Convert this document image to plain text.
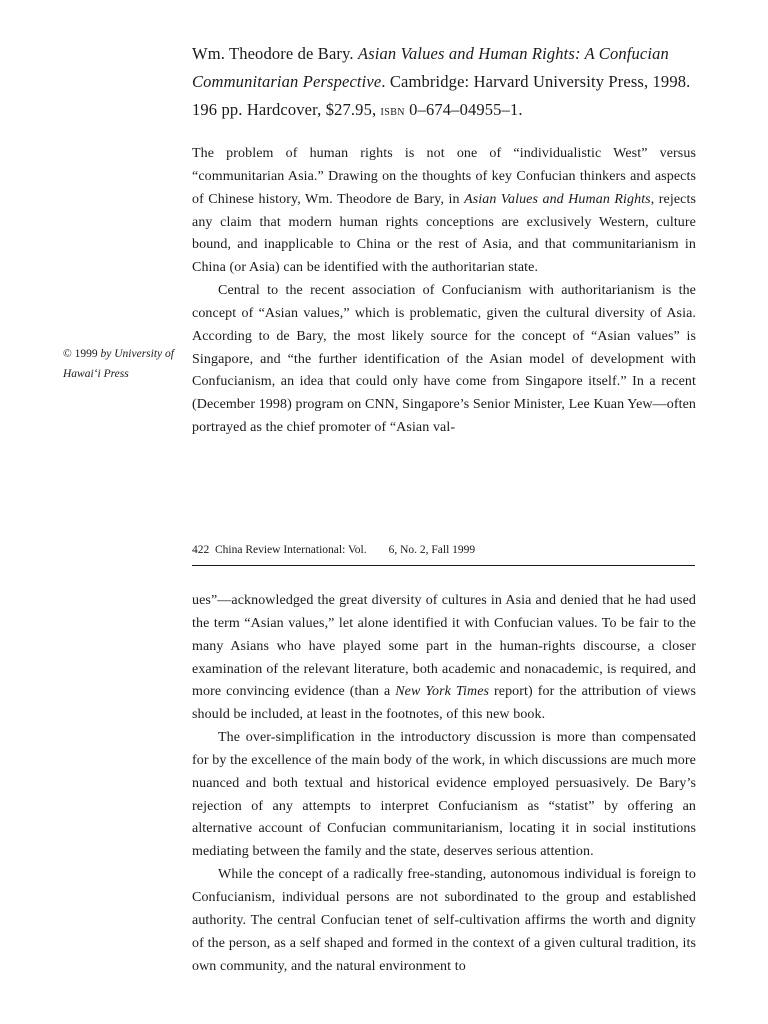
Wm. Theodore de Bary. Asian Values and Human Rights: A Confucian Communitarian Perspective. Cambridge: Harvard University Press, 1998. 196 pp. Hardcover, $27.95, isbn 0–674–04955–1.

The problem of human rights is not one of “individualistic West” versus “communitarian Asia.” Drawing on the thoughts of key Confucian thinkers and aspects of Chinese history, Wm. Theodore de Bary, in Asian Values and Human Rights, rejects any claim that modern human rights conceptions are exclusively Western, culture bound, and inapplicable to China or the rest of Asia, and that communitarianism in China (or Asia) can be identified with the authoritarian state.

Central to the recent association of Confucianism with authoritarianism is the concept of “Asian values,” which is problematic, given the cultural diversity of Asia. According to de Bary, the most likely source for the concept of “Asian values” is Singapore, and “the further identification of the Asian model of development with Confucianism, an idea that could only have come from Singapore itself.” In a recent (December 1998) program on CNN, Singapore’s Senior Minister, Lee Kuan Yew—often portrayed as the chief promoter of “Asian val-

© 1999 by University of Hawai‘i Press
422 China Review International: Vol. 6, No. 2, Fall 1999

ues”—acknowledged the great diversity of cultures in Asia and denied that he had used the term “Asian values,” let alone identified it with Confucian values. To be fair to the many Asians who have played some part in the human-rights discourse, a closer examination of the relevant literature, both academic and nonacademic, is required, and more convincing evidence (than a New York Times report) for the attribution of views should be included, at least in the footnotes, of this new book.

The over-simplification in the introductory discussion is more than compensated for by the excellence of the main body of the work, in which discussions are much more nuanced and both textual and historical evidence employed persuasively. De Bary’s rejection of any attempts to interpret Confucianism as “statist” by offering an alternative account of Confucian communitarianism, locating it in social institutions mediating between the family and the state, deserves serious attention.

While the concept of a radically free-standing, autonomous individual is foreign to Confucianism, individual persons are not subordinated to the group and established authority. The central Confucian tenet of self-cultivation affirms the worth and dignity of the person, as a self shaped and formed in the context of a given cultural tradition, its own community, and the natural environment to
